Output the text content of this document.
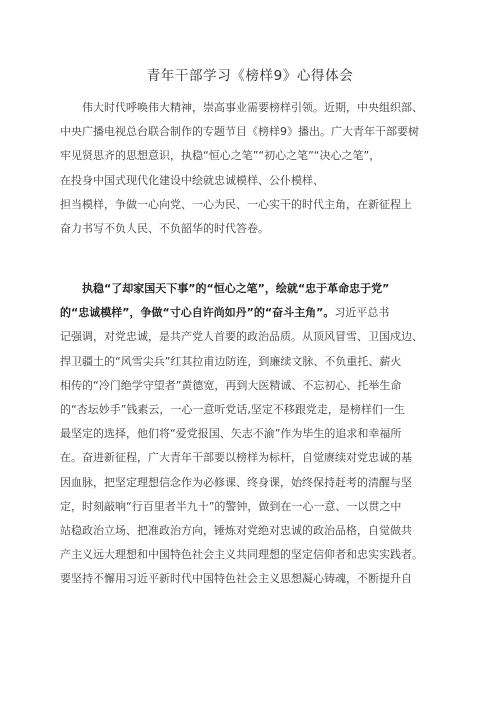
青年干部学习《榜样9》心得体会
伟大时代呼唤伟大精神，崇高事业需要榜样引领。近期，中央组织部、
中央广播电视总台联合制作的专题节目《榜样9》播出。广大青年干部要树
牢见贤思齐的思想意识，执稳“恒心之笔”“初心之笔”“决心之笔”，
在投身中国式现代化建设中绘就忠诚模样、公仆模样、
担当模样，争做一心向党、一心为民、一心实干的时代主角，在新征程上
奋力书写不负人民、不负韶华的时代答卷。
执稳“了却家国天下事”的“恒心之笔”，绘就“忠于革命忠于党”
的“忠诚模样”，争做“寸心自许尚如丹”的“奋斗主角”。习近平总书
记强调，对党忠诚，是共产党人首要的政治品质。从顶风冒雪、卫国戍边、
捍卫疆土的“风雪尖兵”红其拉甫边防连，到廉续文脉、不负重托、薪火
相传的“冷门绝学守望者”黄德宽，再到大医精诚、不忘初心、托举生命
的“杏坛妙手”钱素云，一心一意听党话,坚定不移跟党走，是榜样们一生
最坚定的选择，他们将“爱党报国、矢志不渝”作为毕生的追求和幸福所
在。奋进新征程，广大青年干部要以榜样为标杆，自觉赓续对党忠诚的基
因血脉，把坚定理想信念作为必修课、终身课，始终保持赶考的清醒与坚
定，时刻敲响“行百里者半九十”的警钟，做到在一心一意、一以贯之中
站稳政治立场、把准政治方向，锤炼对党绝对忠诚的政治品格，自觉做共
产主义远大理想和中国特色社会主义共同理想的坚定信仰者和忠实实践者。
要坚持不懈用习近平新时代中国特色社会主义思想凝心铸魂，不断提升自
